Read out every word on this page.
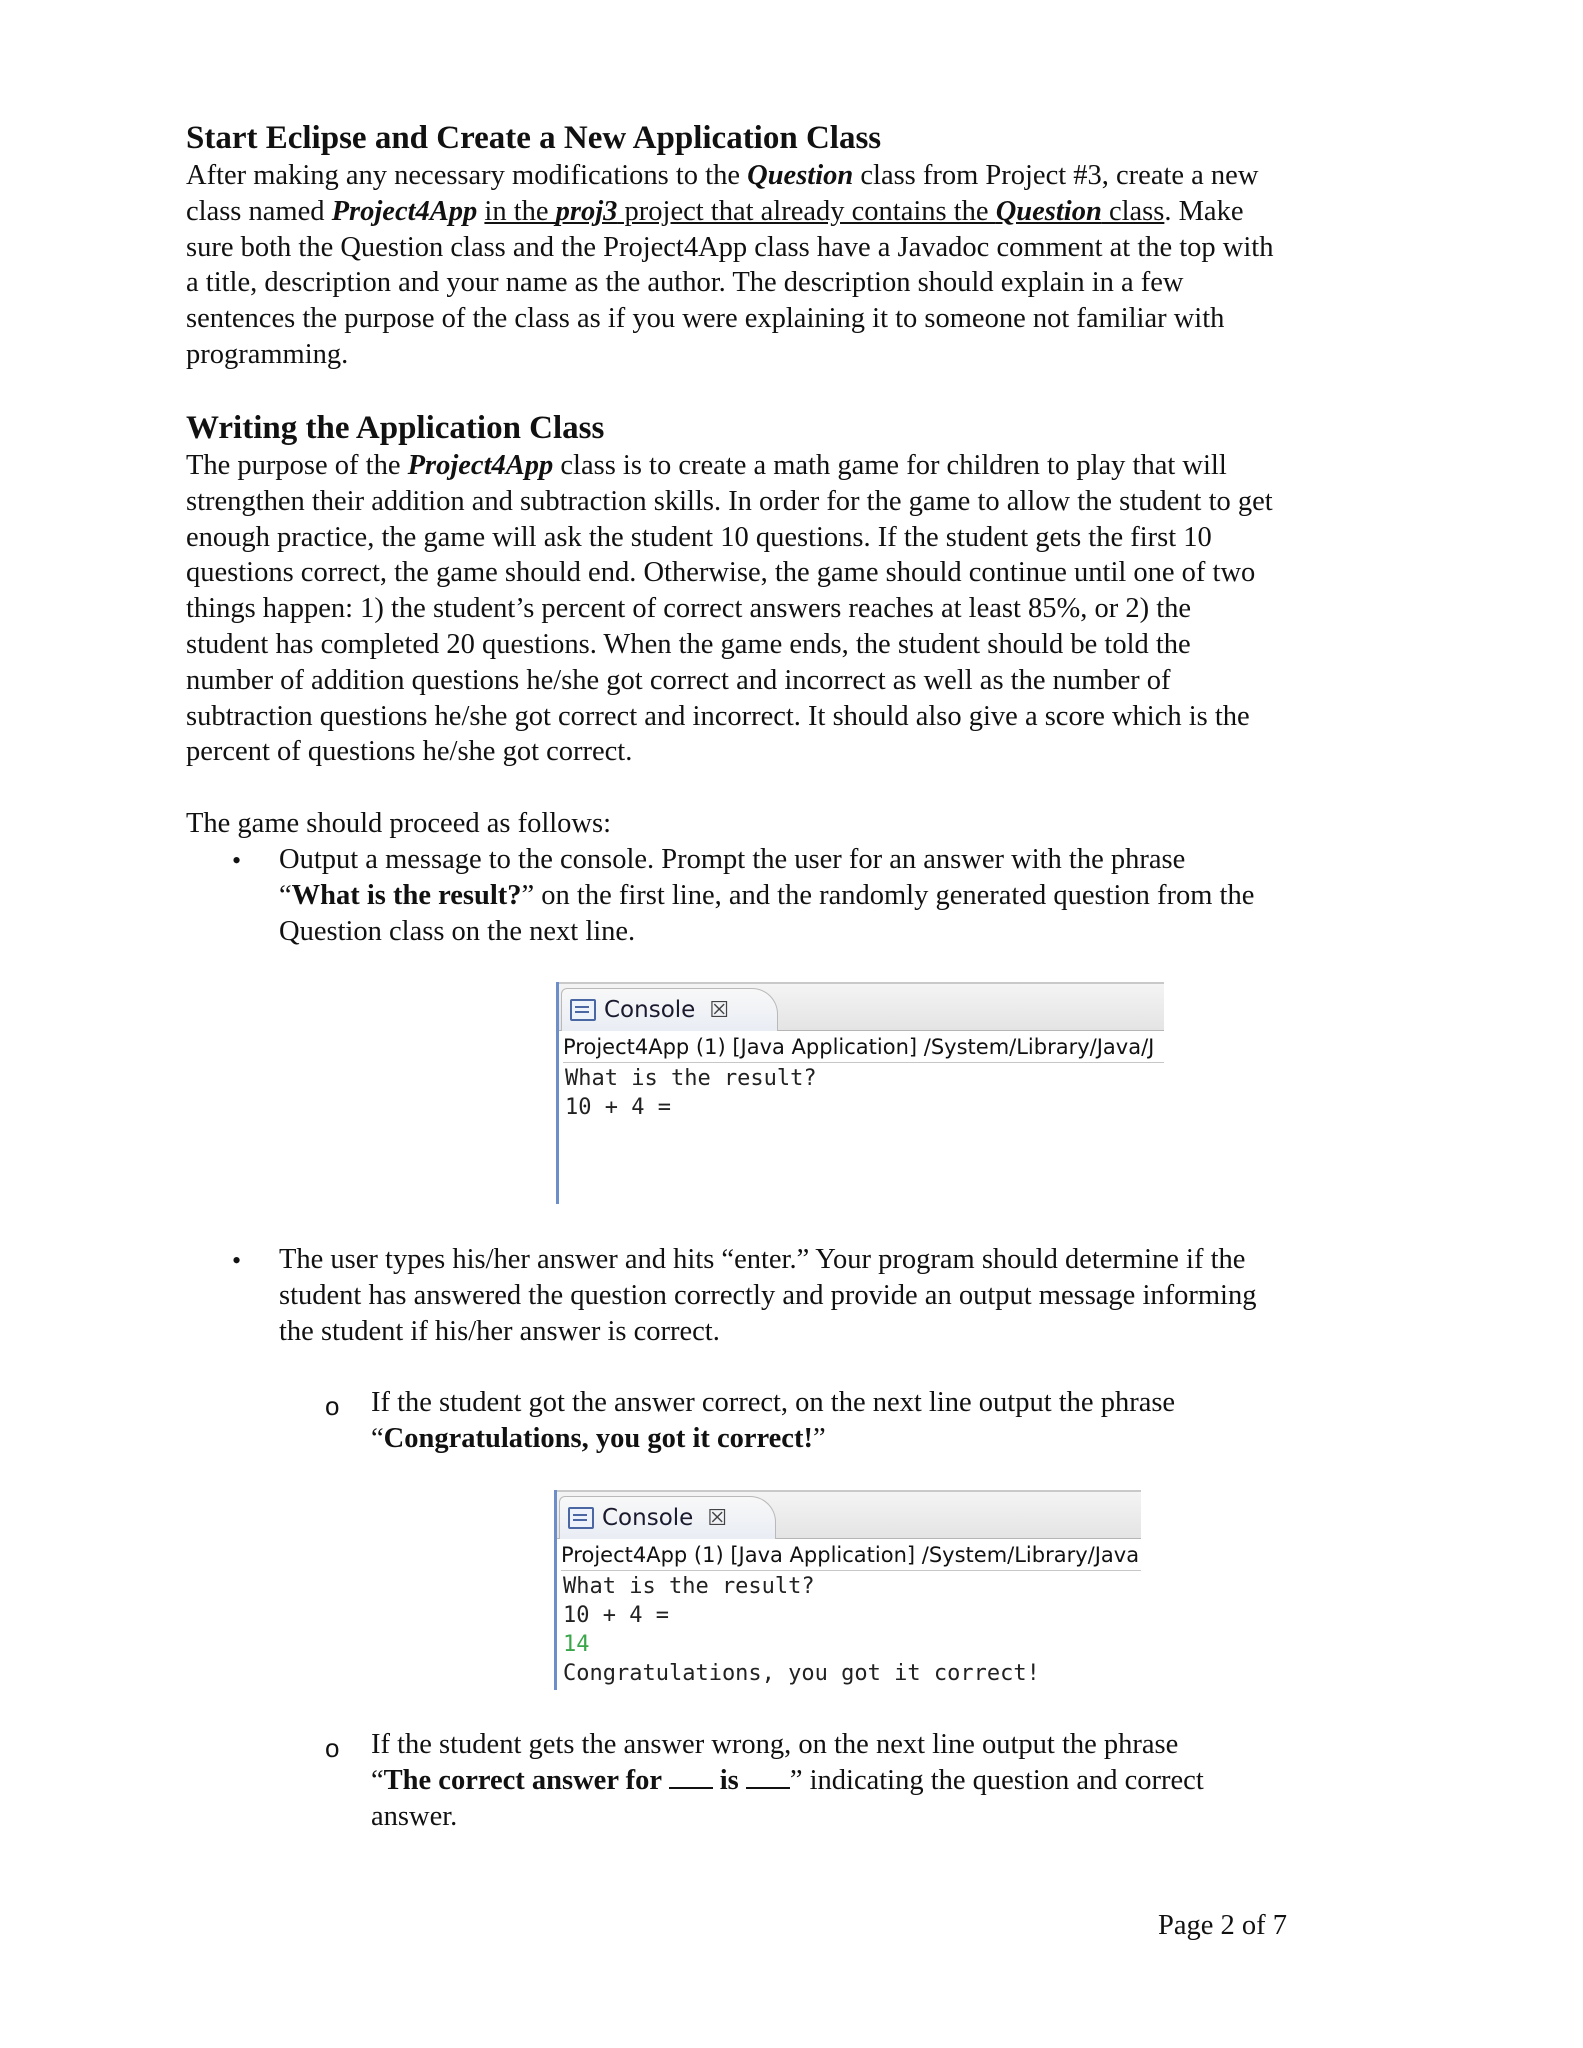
Start Eclipse and Create a New Application Class
After making any necessary modifications to the Question class from Project #3, create a new
class named Project4App in the proj3 project that already contains the Question class. Make
sure both the Question class and the Project4App class have a Javadoc comment at the top with
a title, description and your name as the author. The description should explain in a few
sentences the purpose of the class as if you were explaining it to someone not familiar with
programming.
Writing the Application Class
The purpose of the Project4App class is to create a math game for children to play that will
strengthen their addition and subtraction skills. In order for the game to allow the student to get
enough practice, the game will ask the student 10 questions. If the student gets the first 10
questions correct, the game should end. Otherwise, the game should continue until one of two
things happen: 1) the student’s percent of correct answers reaches at least 85%, or 2) the
student has completed 20 questions. When the game ends, the student should be told the
number of addition questions he/she got correct and incorrect as well as the number of
subtraction questions he/she got correct and incorrect. It should also give a score which is the
percent of questions he/she got correct.
The game should proceed as follows:
• Output a message to the console. Prompt the user for an answer with the phrase
“What is the result?” on the first line, and the randomly generated question from the
Question class on the next line.
Console ☒
Project4App (1) [Java Application] /System/Library/Java/J
What is the result?
10 + 4 =
• The user types his/her answer and hits “enter.” Your program should determine if the
student has answered the question correctly and provide an output message informing
the student if his/her answer is correct.
o If the student got the answer correct, on the next line output the phrase
“Congratulations, you got it correct!”
Console ☒
Project4App (1) [Java Application] /System/Library/Java
What is the result?
10 + 4 =
14
Congratulations, you got it correct!
o If the student gets the answer wrong, on the next line output the phrase
“The correct answer for  is ” indicating the question and correct
answer.
Page 2 of 7
